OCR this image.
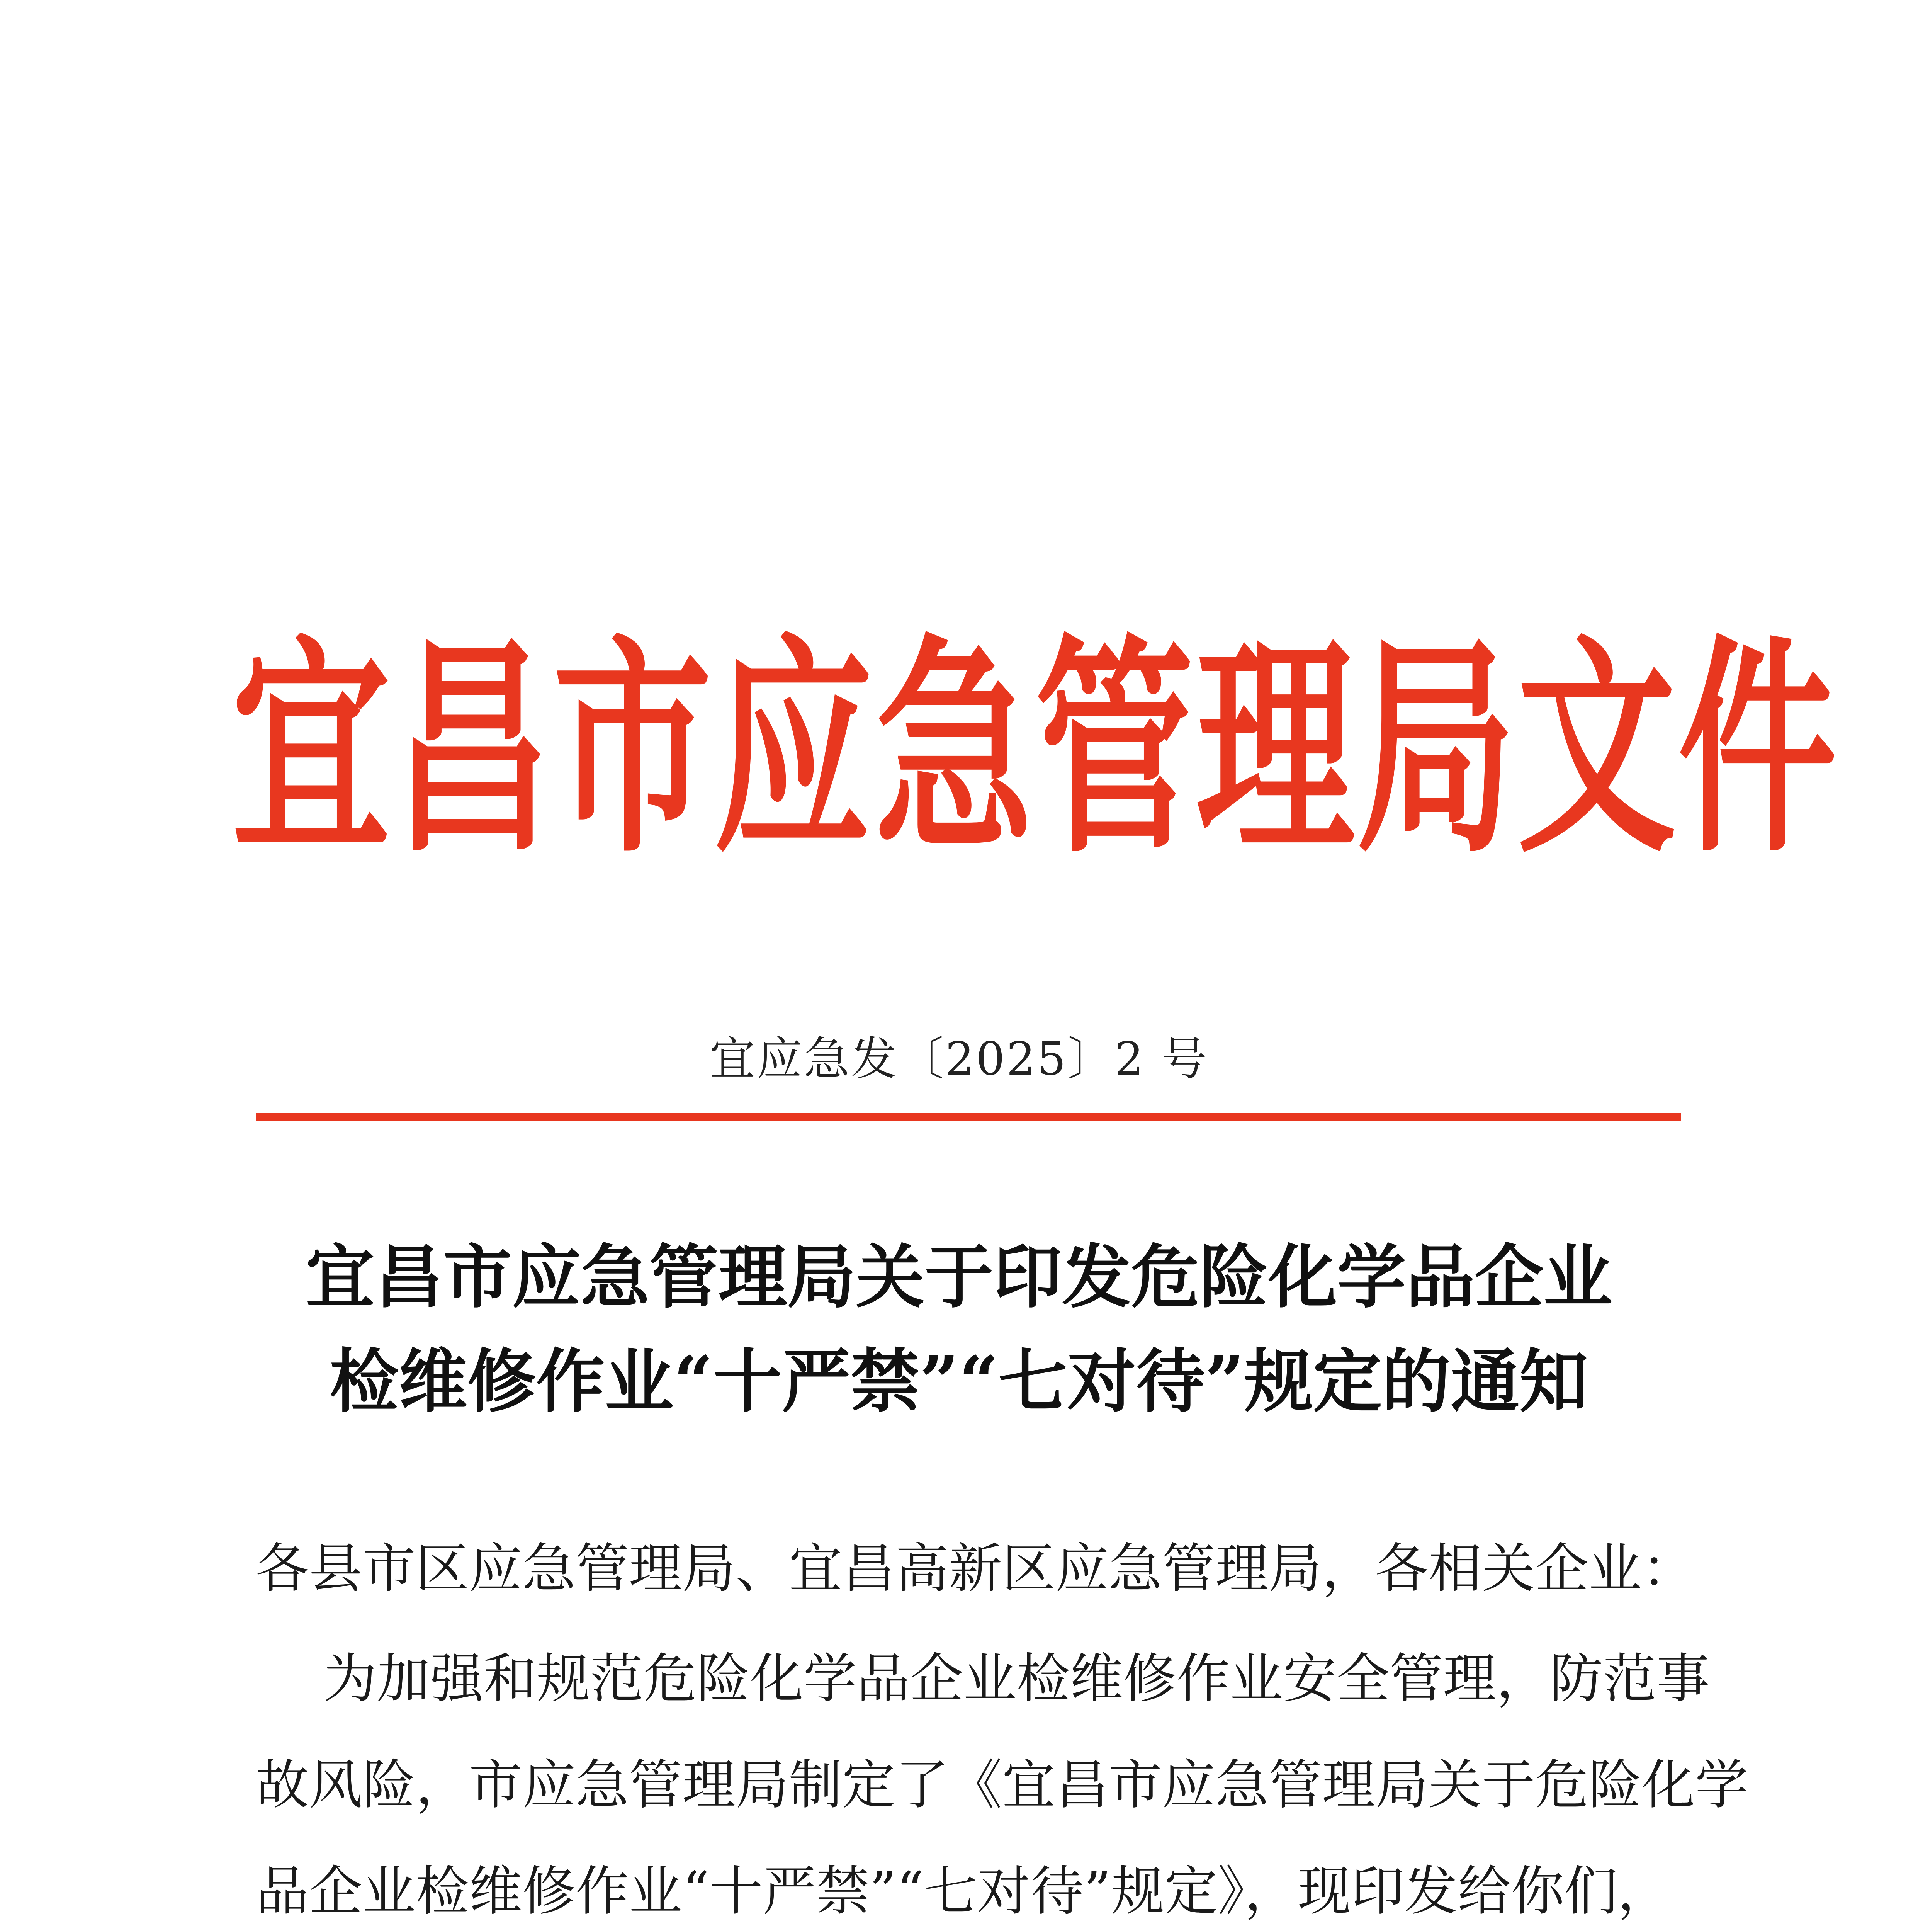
宜昌市应急管理局文件
宜应急发〔2025〕2 号
宜昌市应急管理局关于印发危险化学品企业
检维修作业“十严禁”“七对待”规定的通知
各县市区应急管理局、宜昌高新区应急管理局，各相关企业：
为加强和规范危险化学品企业检维修作业安全管理，防范事
故风险，市应急管理局制定了《宜昌市应急管理局关于危险化学
品企业检维修作业“十严禁”“七对待”规定》，现印发给你们，
